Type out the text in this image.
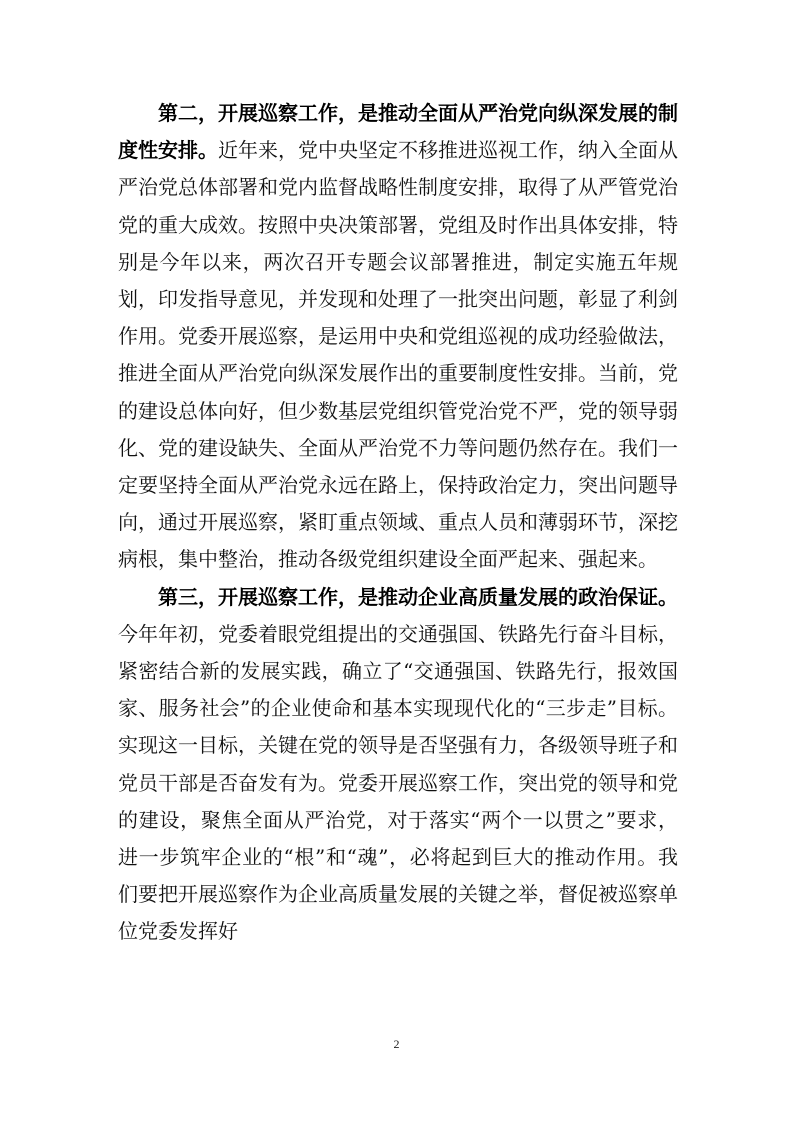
第二，开展巡察工作，是推动全面从严治党向纵深发展的制度性安排。近年来，党中央坚定不移推进巡视工作，纳入全面从严治党总体部署和党内监督战略性制度安排，取得了从严管党治党的重大成效。按照中央决策部署，党组及时作出具体安排，特别是今年以来，两次召开专题会议部署推进，制定实施五年规划，印发指导意见，并发现和处理了一批突出问题，彰显了利剑作用。党委开展巡察，是运用中央和党组巡视的成功经验做法，推进全面从严治党向纵深发展作出的重要制度性安排。当前，党的建设总体向好，但少数基层党组织管党治党不严，党的领导弱化、党的建设缺失、全面从严治党不力等问题仍然存在。我们一定要坚持全面从严治党永远在路上，保持政治定力，突出问题导向，通过开展巡察，紧盯重点领域、重点人员和薄弱环节，深挖病根，集中整治，推动各级党组织建设全面严起来、强起来。

第三，开展巡察工作，是推动企业高质量发展的政治保证。今年年初，党委着眼党组提出的交通强国、铁路先行奋斗目标，紧密结合新的发展实践，确立了“交通强国、铁路先行，报效国家、服务社会”的企业使命和基本实现现代化的“三步走”目标。实现这一目标，关键在党的领导是否坚强有力，各级领导班子和党员干部是否奋发有为。党委开展巡察工作，突出党的领导和党的建设，聚焦全面从严治党，对于落实“两个一以贯之”要求，进一步筑牢企业的“根”和“魂”，必将起到巨大的推动作用。我们要把开展巡察作为企业高质量发展的关键之举，督促被巡察单位党委发挥好

2
